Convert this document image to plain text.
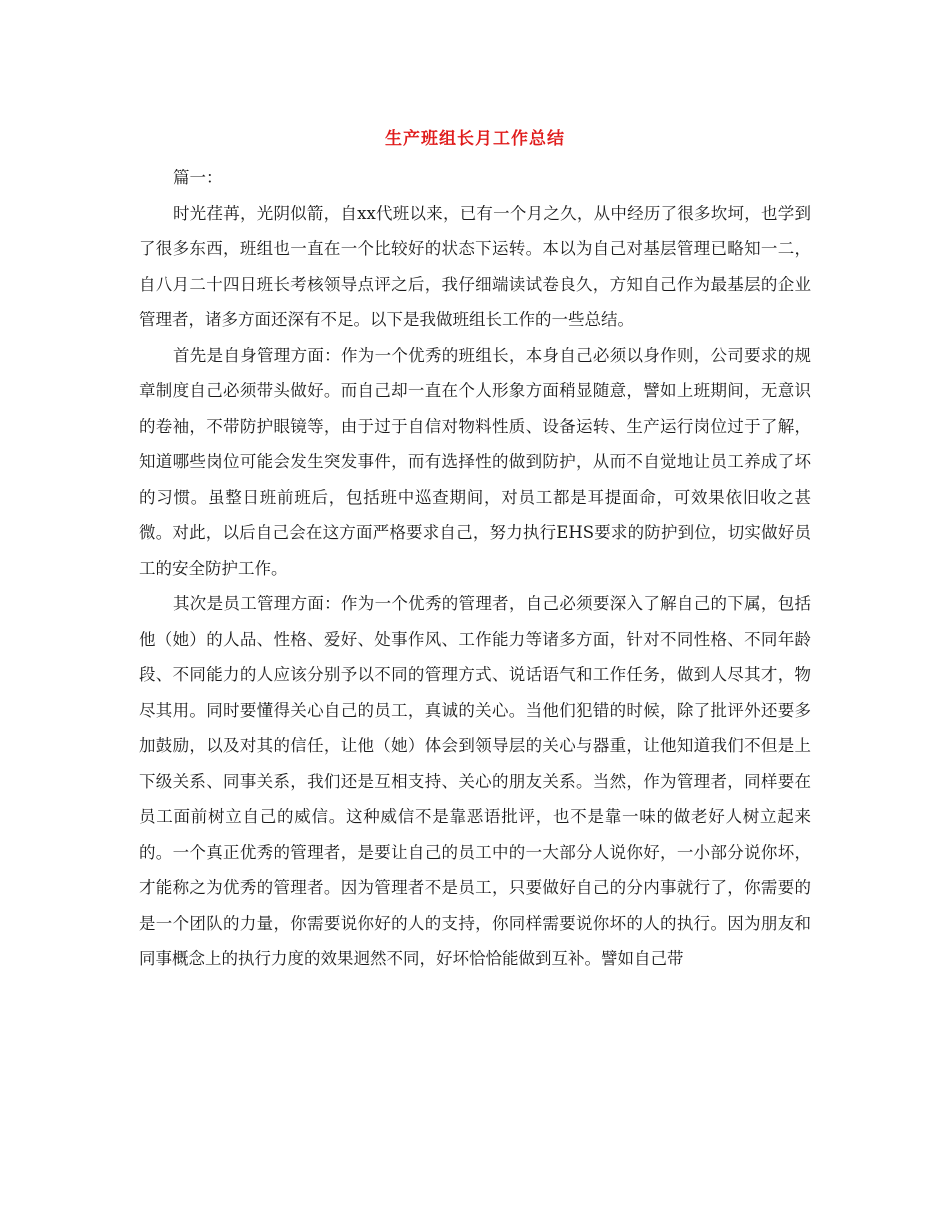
生产班组长月工作总结

篇一：

时光荏苒，光阴似箭，自xx代班以来，已有一个月之久，从中经历了很多坎坷，也学到了很多东西，班组也一直在一个比较好的状态下运转。本以为自己对基层管理已略知一二，自八月二十四日班长考核领导点评之后，我仔细端读试卷良久，方知自己作为最基层的企业管理者，诸多方面还深有不足。以下是我做班组长工作的一些总结。

首先是自身管理方面：作为一个优秀的班组长，本身自己必须以身作则，公司要求的规章制度自己必须带头做好。而自己却一直在个人形象方面稍显随意，譬如上班期间，无意识的卷袖，不带防护眼镜等，由于过于自信对物料性质、设备运转、生产运行岗位过于了解，知道哪些岗位可能会发生突发事件，而有选择性的做到防护，从而不自觉地让员工养成了坏的习惯。虽整日班前班后，包括班中巡查期间，对员工都是耳提面命，可效果依旧收之甚微。对此，以后自己会在这方面严格要求自己，努力执行EHS要求的防护到位，切实做好员工的安全防护工作。

其次是员工管理方面：作为一个优秀的管理者，自己必须要深入了解自己的下属，包括他（她）的人品、性格、爱好、处事作风、工作能力等诸多方面，针对不同性格、不同年龄段、不同能力的人应该分别予以不同的管理方式、说话语气和工作任务，做到人尽其才，物尽其用。同时要懂得关心自己的员工，真诚的关心。当他们犯错的时候，除了批评外还要多加鼓励，以及对其的信任，让他（她）体会到领导层的关心与器重，让他知道我们不但是上下级关系、同事关系，我们还是互相支持、关心的朋友关系。当然，作为管理者，同样要在员工面前树立自己的威信。这种威信不是靠恶语批评，也不是靠一味的做老好人树立起来的。一个真正优秀的管理者，是要让自己的员工中的一大部分人说你好，一小部分说你坏，才能称之为优秀的管理者。因为管理者不是员工，只要做好自己的分内事就行了，你需要的是一个团队的力量，你需要说你好的人的支持，你同样需要说你坏的人的执行。因为朋友和同事概念上的执行力度的效果迥然不同，好坏恰恰能做到互补。譬如自己带
